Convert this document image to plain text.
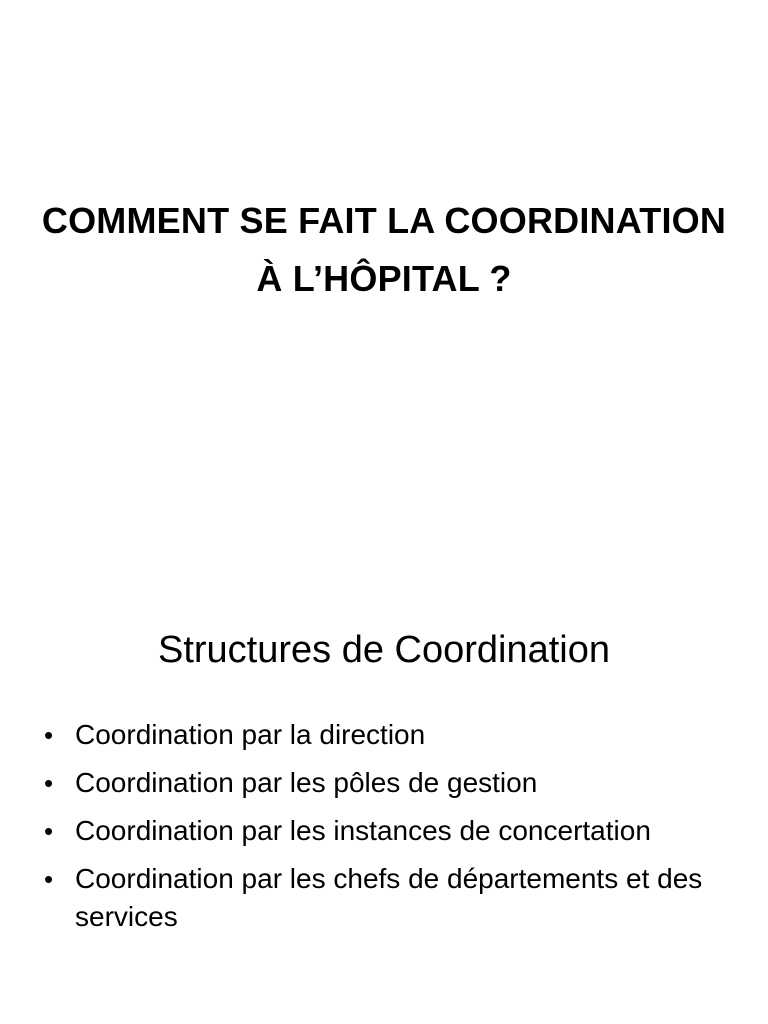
COMMENT SE FAIT LA COORDINATION À L’HÔPITAL ?
Structures de Coordination
• Coordination par la direction
• Coordination par les pôles de gestion
• Coordination par les instances de concertation
• Coordination par les chefs de départements et des services
